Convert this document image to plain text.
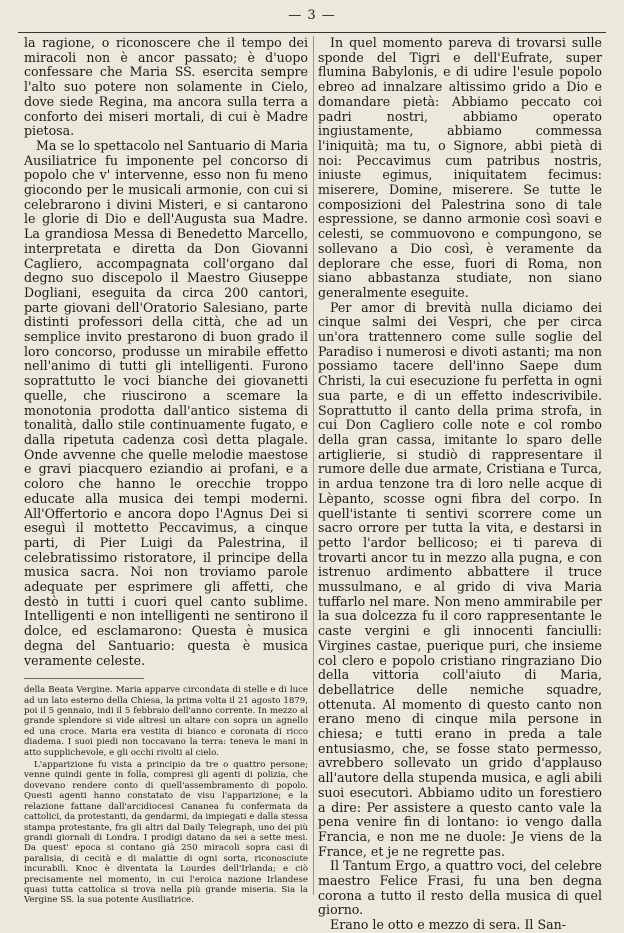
— 3 —

la ragione, o riconoscere che il tempo dei miracoli non è ancor passato; è d'uopo confessare che Maria SS. esercita sempre l'alto suo potere non solamente in Cielo, dove siede Regina, ma ancora sulla terra a conforto dei miseri mortali, di cui è Madre pietosa.

Ma se lo spettacolo nel Santuario di Maria Ausiliatrice fu imponente pel concorso di popolo che v' intervenne, esso non fu meno giocondo per le musicali armonie, con cui si celebrarono i divini Misteri, e si cantarono le glorie di Dio e dell'Augusta sua Madre. La grandiosa Messa di Benedetto Marcello, interpretata e diretta da Don Giovanni Cagliero, accompagnata coll'organo dal degno suo discepolo il Maestro Giuseppe Dogliani, eseguita da circa 200 cantori, parte giovani dell'Oratorio Salesiano, parte distinti professori della città, che ad un semplice invito prestarono di buon grado il loro concorso, produsse un mirabile effetto nell'animo di tutti gli intelligenti. Furono soprattutto le voci bianche dei giovanetti quelle, che riuscirono a scemare la monotonia prodotta dall'antico sistema di tonalità, dallo stile continuamente fugato, e dalla ripetuta cadenza così detta plagale. Onde avvenne che quelle melodie maestose e gravi piacquero eziandio ai profani, e a coloro che hanno le orecchie troppo educate alla musica dei tempi moderni. All'Offertorio e ancora dopo l'Agnus Dei si eseguì il mottetto Peccavimus, a cinque parti, di Pier Luigi da Palestrina, il celebratissimo ristoratore, il principe della musica sacra. Noi non troviamo parole adequate per esprimere gli affetti, che destò in tutti i cuori quel canto sublime. Intelligenti e non intelligenti ne sentirono il dolce, ed esclamarono: Questa è musica degna del Santuario: questa è musica veramente celeste.

della Beata Vergine. Maria apparve circondata di stelle e di luce ad un lato esterno della Chiesa, la prima volta il 21 agosto 1879, poi il 5 gennaio, indi il 5 febbraio dell'anno corrente. In mezzo al grande splendore si vide altresì un altare con sopra un agnello ed una croce. Maria era vestita di bianco e coronata di ricco diadema. I suoi piedi non toccavano la terra: teneva le mani in atto supplichevole, e gli occhi rivolti al cielo.

L'apparizione fu vista a principio da tre o quattro persone; venne quindi gente in folla, compresi gli agenti di polizia, che dovevano rendere conto di quell'assembramento di popolo. Questi agenti hanno constatato de visu l'apparizione; e la relazione fattane dall'arcidiocesi Cananea fu confermata da cattolici, da protestanti, da gendarmi, da impiegati e dalla stessa stampa protestante, fra gli altri dal Daily Telegraph, uno dei più grandi giornali di Londra. I prodigi datano da sei a sette mesi. Da quest' epoca si contano già 250 miracoli sopra casi di paralisia, di cecità e di malattie di ogni sorta, riconosciute incurabili. Knoc è diventata la Lourdes dell'Irlanda; e ciò precisamente nel momento, in cui l'eroica nazione Irlandese quasi tutta cattolica si trova nella più grande miseria. Sia la Vergine SS. la sua potente Ausiliatrice.

In quel momento pareva di trovarsi sulle sponde del Tigri e dell'Eufrate, super flumina Babylonis, e di udire l'esule popolo ebreo ad innalzare altissimo grido a Dio e domandare pietà: Abbiamo peccato coi padri nostri, abbiamo operato ingiustamente, abbiamo commessa l'iniquità; ma tu, o Signore, abbi pietà di noi: Peccavimus cum patribus nostris, iniuste egimus, iniquitatem fecimus: miserere, Domine, miserere. Se tutte le composizioni del Palestrina sono di tale espressione, se danno armonie così soavi e celesti, se commuovono e compungono, se sollevano a Dio così, è veramente da deplorare che esse, fuori di Roma, non siano abbastanza studiate, non siano generalmente eseguite.

Per amor di brevità nulla diciamo dei cinque salmi dei Vespri, che per circa un'ora trattennero come sulle soglie del Paradiso i numerosi e divoti astanti; ma non possiamo tacere dell'inno Saepe dum Christi, la cui esecuzione fu perfetta in ogni sua parte, e di un effetto indescrivibile. Soprattutto il canto della prima strofa, in cui Don Cagliero colle note e col rombo della gran cassa, imitante lo sparo delle artiglierie, si studiò di rappresentare il rumore delle due armate, Cristiana e Turca, in ardua tenzone tra di loro nelle acque di Lèpanto, scosse ogni fibra del corpo. In quell'istante ti sentivi scorrere come un sacro orrore per tutta la vita, e destarsi in petto l'ardor bellicoso; ei ti pareva di trovarti ancor tu in mezzo alla pugna, e con istrenuo ardimento abbattere il truce mussulmano, e al grido di viva Maria tuffarlo nel mare. Non meno ammirabile per la sua dolcezza fu il coro rappresentante le caste vergini e gli innocenti fanciulli: Virgines castae, puerique puri, che insieme col clero e popolo cristiano ringraziano Dio della vittoria coll'aiuto di Maria, debellatrice delle nemiche squadre, ottenuta. Al momento di questo canto non erano meno di cinque mila persone in chiesa; e tutti erano in preda a tale entusiasmo, che, se fosse stato permesso, avrebbero sollevato un grido d'applauso all'autore della stupenda musica, e agli abili suoi esecutori. Abbiamo udito un forestiero a dire: Per assistere a questo canto vale la pena venire fin di lontano: io vengo dalla Francia, e non me ne duole: Je viens de la France, et je ne regrette pas.

Il Tantum Ergo, a quattro voci, del celebre maestro Felice Frasi, fu una ben degna corona a tutto il resto della musica di quel giorno.

Erano le otto e mezzo di sera. Il San-
